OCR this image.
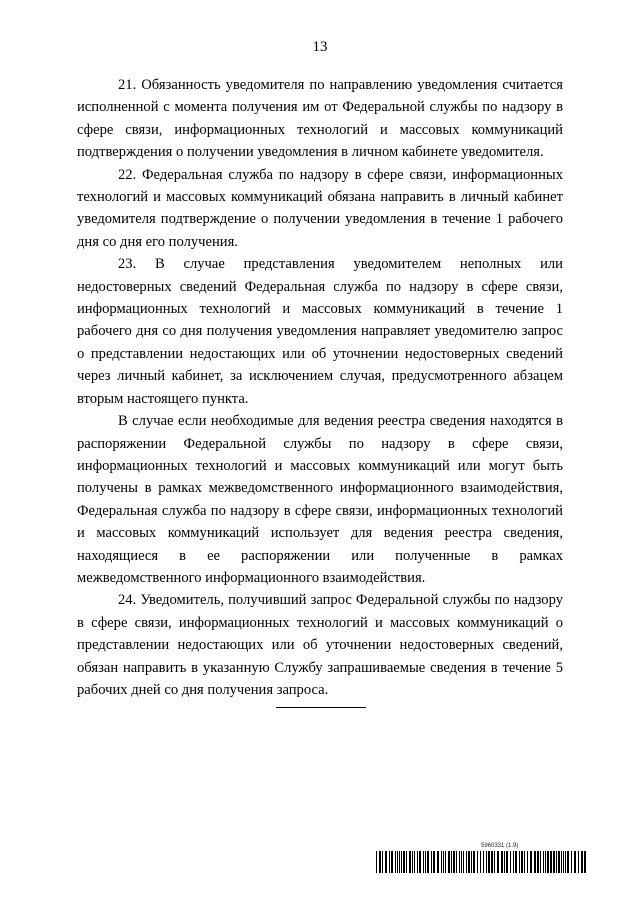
13

21. Обязанность уведомителя по направлению уведомления считается исполненной с момента получения им от Федеральной службы по надзору в сфере связи, информационных технологий и массовых коммуникаций подтверждения о получении уведомления в личном кабинете уведомителя.

22. Федеральная служба по надзору в сфере связи, информационных технологий и массовых коммуникаций обязана направить в личный кабинет уведомителя подтверждение о получении уведомления в течение 1 рабочего дня со дня его получения.

23. В случае представления уведомителем неполных или недостоверных сведений Федеральная служба по надзору в сфере связи, информационных технологий и массовых коммуникаций в течение 1 рабочего дня со дня получения уведомления направляет уведомителю запрос о представлении недостающих или об уточнении недостоверных сведений через личный кабинет, за исключением случая, предусмотренного абзацем вторым настоящего пункта.

В случае если необходимые для ведения реестра сведения находятся в распоряжении Федеральной службы по надзору в сфере связи, информационных технологий и массовых коммуникаций или могут быть получены в рамках межведомственного информационного взаимодействия, Федеральная служба по надзору в сфере связи, информационных технологий и массовых коммуникаций использует для ведения реестра сведения, находящиеся в ее распоряжении или полученные в рамках межведомственного информационного взаимодействия.

24. Уведомитель, получивший запрос Федеральной службы по надзору в сфере связи, информационных технологий и массовых коммуникаций о представлении недостающих или об уточнении недостоверных сведений, обязан направить в указанную Службу запрашиваемые сведения в течение 5 рабочих дней со дня получения запроса.

5960331 (1.9)
